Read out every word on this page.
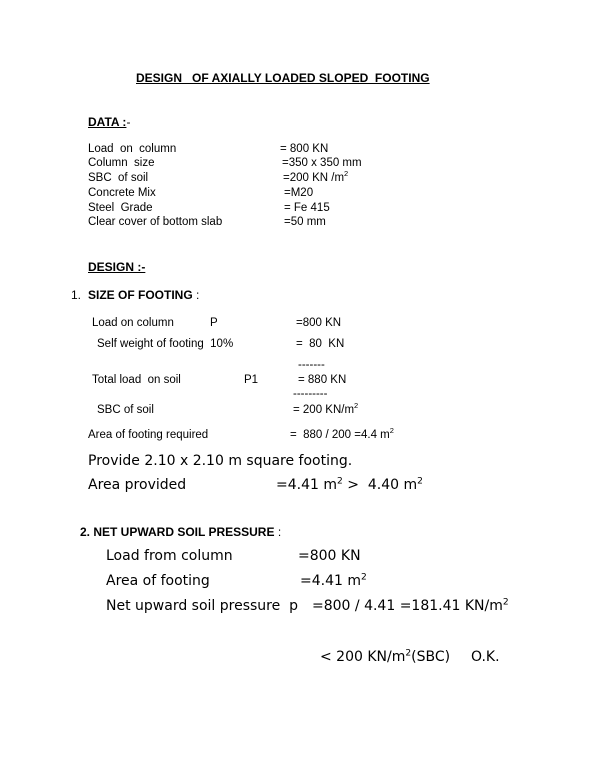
DESIGN   OF AXIALLY LOADED SLOPED  FOOTING
DATA :-
Load  on  column	= 800 KN
Column  size	=350 x 350 mm
SBC  of soil	=200 KN $/m^2$
Concrete Mix	=M20
Steel  Grade	= Fe 415
Clear cover of bottom slab	=50 mm
DESIGN :-
1. SIZE OF FOOTING :
Load on column	P	=800 KN
Self weight of footing  10%	=  80  KN
-------
Total load  on soil	P1	= 880 KN
---------
SBC of soil	= 200 $KN/m^2$
Area of footing required	=  880 / 200 =4.4 $m^2$
Provide 2.10 x 2.10 m square footing.
Area provided	=4.41 $m^2 > 4.40$ $m^2$
2. NET UPWARD SOIL PRESSURE :
Load from column	=800 KN
Area of footing	=4.41 $m^2$
Net upward soil pressure  p =800 / 4.41 =181.41 $KN/m^2$
< 200 $KN/m^2(SBC)$ O.K.
